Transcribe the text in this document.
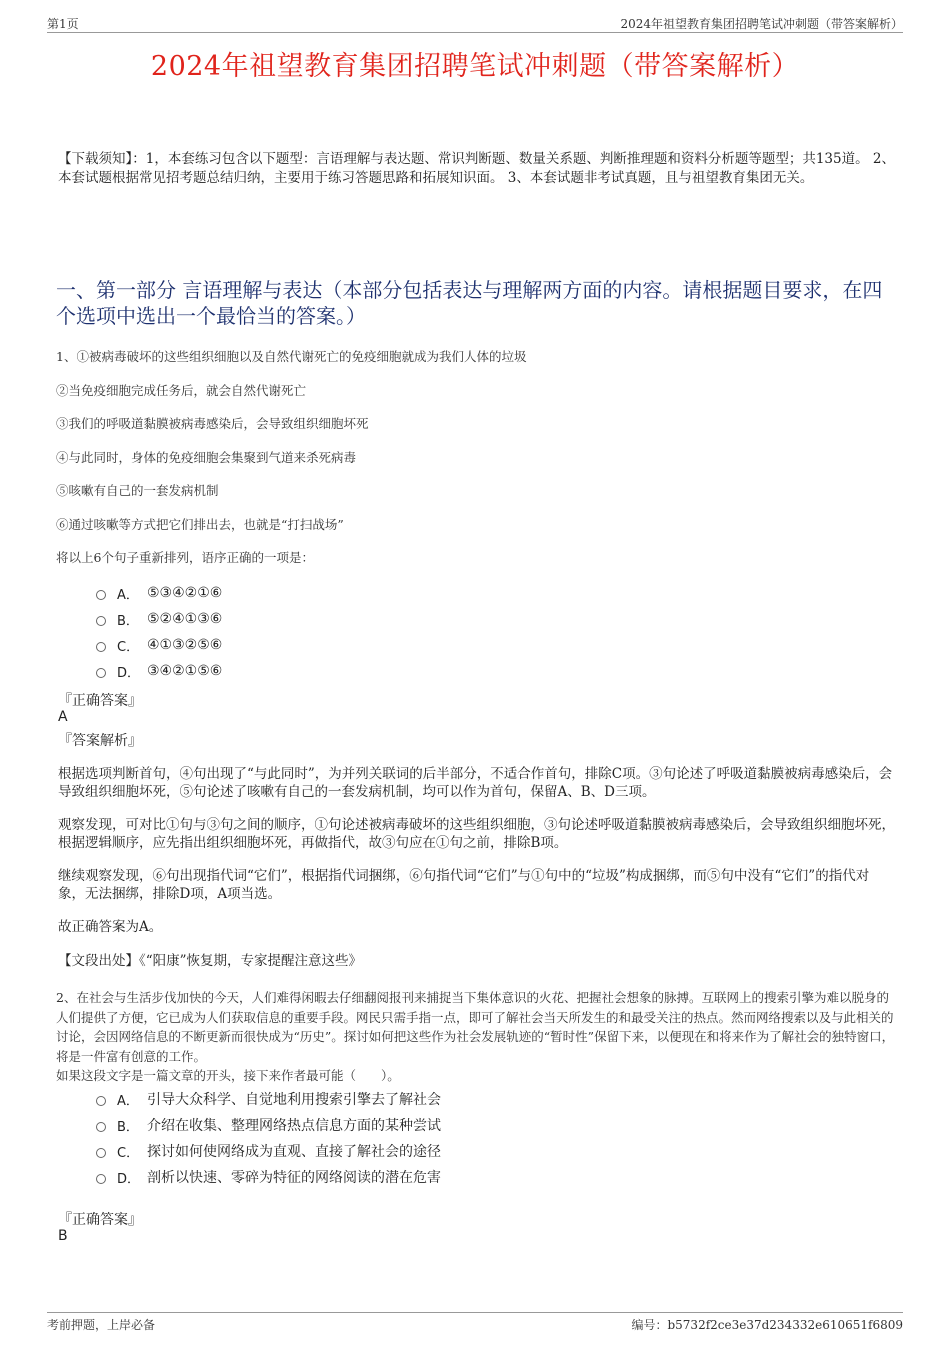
第1页	2024年祖望教育集团招聘笔试冲刺题（带答案解析）
2024年祖望教育集团招聘笔试冲刺题（带答案解析）
【下载须知】：1，本套练习包含以下题型：言语理解与表达题、常识判断题、数量关系题、判断推理题和资料分析题等题型；共135道。 2、本套试题根据常见招考题总结归纳，主要用于练习答题思路和拓展知识面。 3、本套试题非考试真题，且与祖望教育集团无关。
一、第一部分 言语理解与表达（本部分包括表达与理解两方面的内容。请根据题目要求，在四个选项中选出一个最恰当的答案。）
1、①被病毒破坏的这些组织细胞以及自然代谢死亡的免疫细胞就成为我们人体的垃圾
②当免疫细胞完成任务后，就会自然代谢死亡
③我们的呼吸道黏膜被病毒感染后，会导致组织细胞坏死
④与此同时，身体的免疫细胞会集聚到气道来杀死病毒
⑤咳嗽有自己的一套发病机制
⑥通过咳嗽等方式把它们排出去，也就是“打扫战场”
将以上6个句子重新排列，语序正确的一项是：
A． ⑤③④②①⑥
B． ⑤②④①③⑥
C． ④①③②⑤⑥
D． ③④②①⑤⑥
『正确答案』
A
『答案解析』
根据选项判断首句，④句出现了“与此同时”，为并列关联词的后半部分，不适合作首句，排除C项。③句论述了呼吸道黏膜被病毒感染后，会导致组织细胞坏死，⑤句论述了咳嗽有自己的一套发病机制，均可以作为首句，保留A、B、D三项。
观察发现，可对比①句与③句之间的顺序，①句论述被病毒破坏的这些组织细胞，③句论述呼吸道黏膜被病毒感染后，会导致组织细胞坏死，根据逻辑顺序，应先指出组织细胞坏死，再做指代，故③句应在①句之前，排除B项。
继续观察发现，⑥句出现指代词“它们”，根据指代词捆绑，⑥句指代词“它们”与①句中的“垃圾”构成捆绑，而⑤句中没有“它们”的指代对象，无法捆绑，排除D项，A项当选。
故正确答案为A。
【文段出处】《“阳康”恢复期，专家提醒注意这些》
2、在社会与生活步伐加快的今天，人们难得闲暇去仔细翻阅报刊来捕捉当下集体意识的火花、把握社会想象的脉搏。互联网上的搜索引擎为难以脱身的人们提供了方便，它已成为人们获取信息的重要手段。网民只需手指一点，即可了解社会当天所发生的和最受关注的热点。然而网络搜索以及与此相关的讨论，会因网络信息的不断更新而很快成为“历史”。探讨如何把这些作为社会发展轨迹的“暂时性”保留下来，以便现在和将来作为了解社会的独特窗口，将是一件富有创意的工作。
如果这段文字是一篇文章的开头，接下来作者最可能（　　）。
A． 引导大众科学、自觉地利用搜索引擎去了解社会
B． 介绍在收集、整理网络热点信息方面的某种尝试
C． 探讨如何使网络成为直观、直接了解社会的途径
D． 剖析以快速、零碎为特征的网络阅读的潜在危害
『正确答案』
B
考前押题，上岸必备	编号：b5732f2ce3e37d234332e610651f6809
